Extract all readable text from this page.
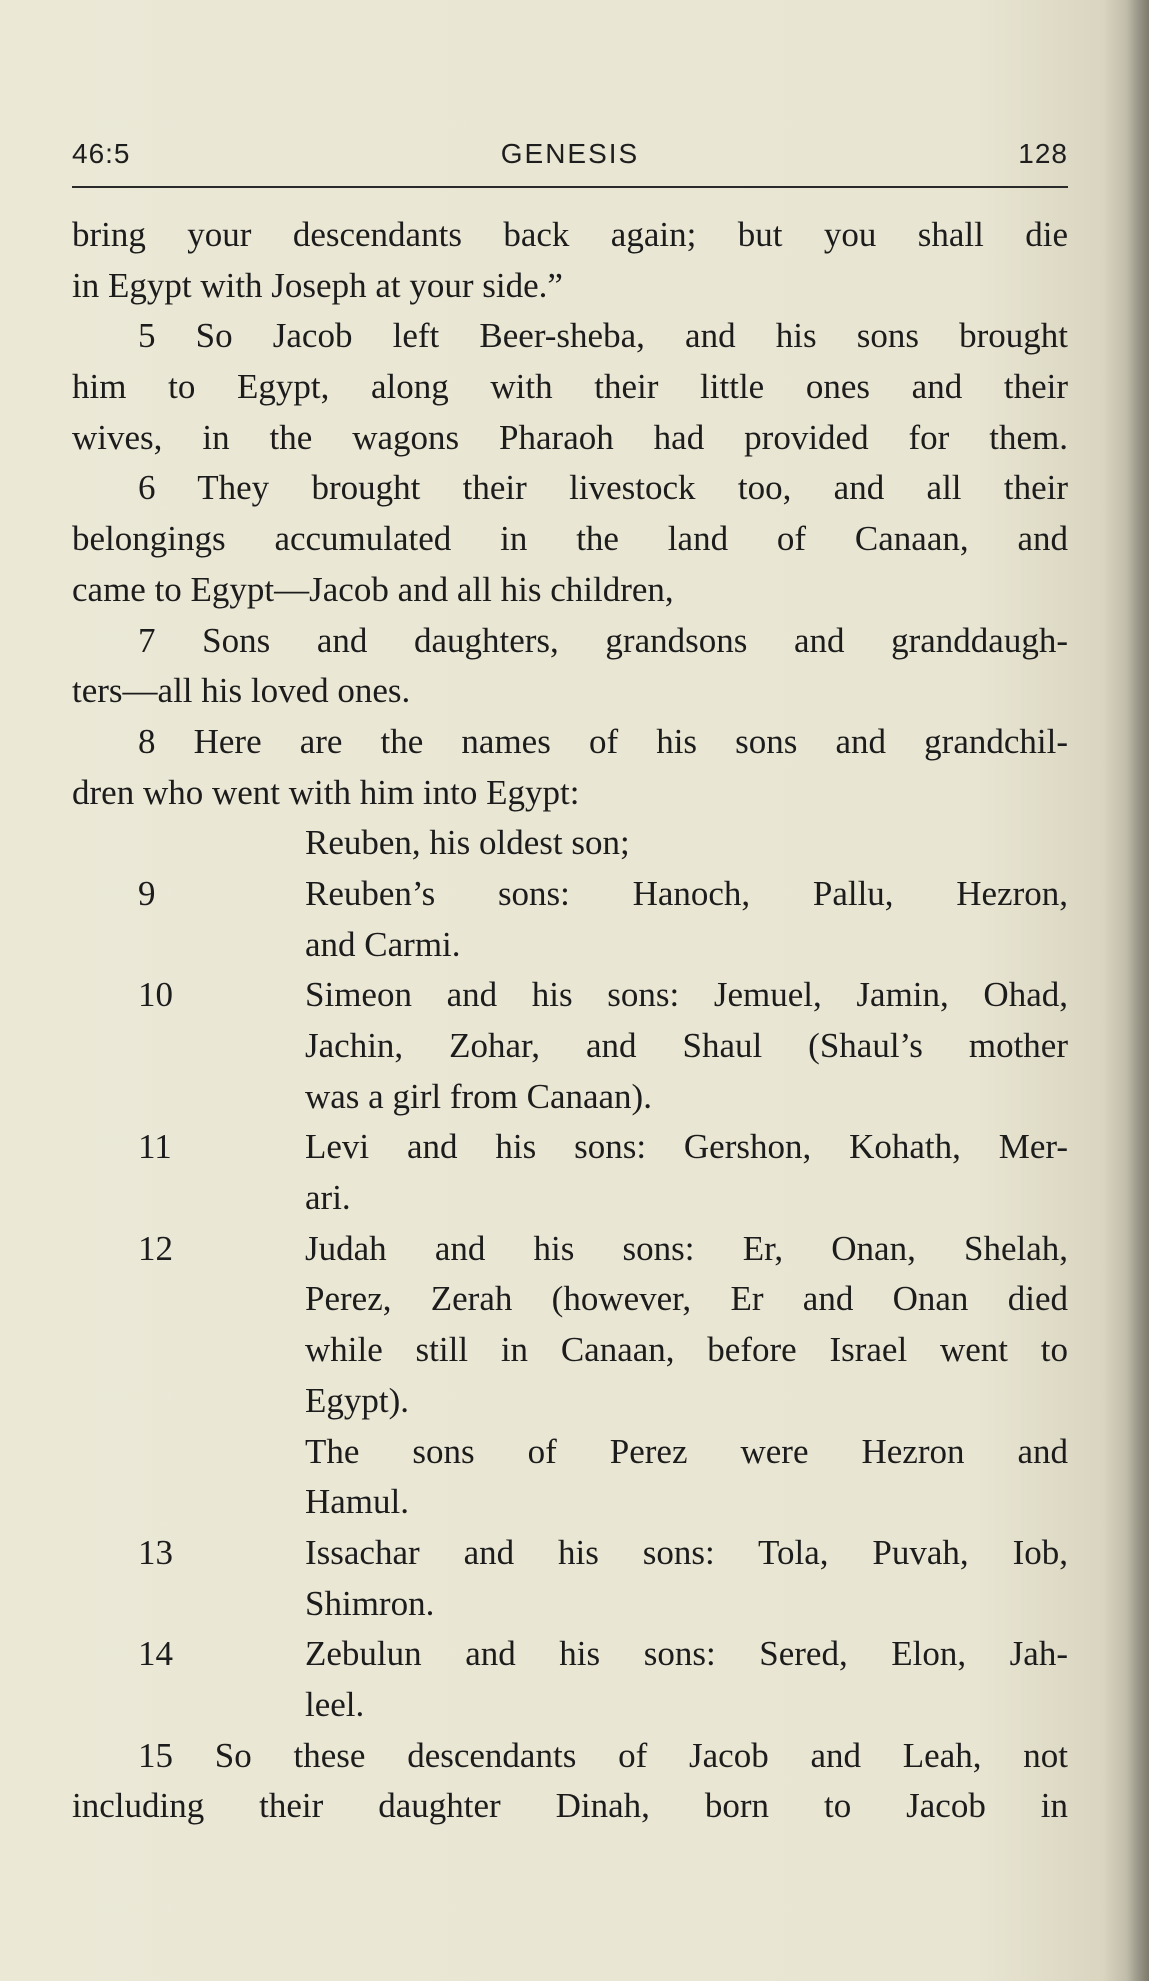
46:5	GENESIS	128
bring your descendants back again; but you shall die
in Egypt with Joseph at your side.”
5 So Jacob left Beer-sheba, and his sons brought
him to Egypt, along with their little ones and their
wives, in the wagons Pharaoh had provided for them.
6 They brought their livestock too, and all their
belongings accumulated in the land of Canaan, and
came to Egypt—Jacob and all his children,
7 Sons and daughters, grandsons and granddaugh-
ters—all his loved ones.
8 Here are the names of his sons and grandchil-
dren who went with him into Egypt:
Reuben, his oldest son;
9	Reuben’s sons: Hanoch, Pallu, Hezron,
and Carmi.
10	Simeon and his sons: Jemuel, Jamin, Ohad,
Jachin, Zohar, and Shaul (Shaul’s mother
was a girl from Canaan).
11	Levi and his sons: Gershon, Kohath, Mer-
ari.
12	Judah and his sons: Er, Onan, Shelah,
Perez, Zerah (however, Er and Onan died
while still in Canaan, before Israel went to
Egypt).
The sons of Perez were Hezron and
Hamul.
13	Issachar and his sons: Tola, Puvah, Iob,
Shimron.
14	Zebulun and his sons: Sered, Elon, Jah-
leel.
15 So these descendants of Jacob and Leah, not
including their daughter Dinah, born to Jacob in
